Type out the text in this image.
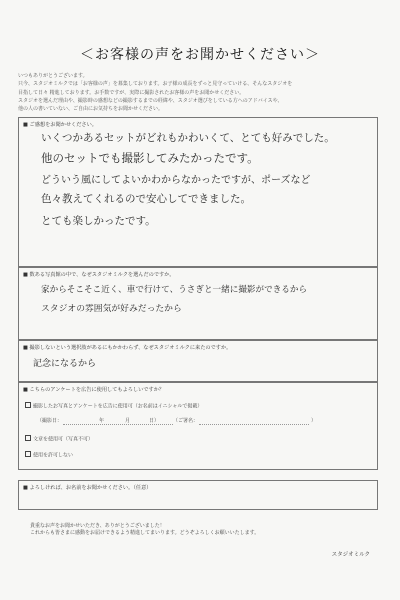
＜お客様の声をお聞かせください＞
いつもありがとうございます。
只今、スタジオミルクでは「お客様の声」を募集しております。お子様の成長をずっと見守っていける、そんなスタジオを
目指して日々 精進しております。お手数ですが、実際に撮影されたお客様の声をお聞かせください。
スタジオを選んだ理由や、撮影時の感想などの撮影するまでの経緯や、スタジオ選びをしている方へのアドバイスや、
他の人の書いていない、ご自由にお気持ちをお聞かせください。
■ ご感想をお聞かせください。
いくつかあるセットがどれもかわいくて、とても好みでした。
他のセットでも撮影してみたかったです。
どういう風にしてよいかわからなかったですが、ポーズなど
色々教えてくれるので安心してできました。
とても楽しかったです。
■ 数ある写真館の中で、なぜスタジオミルクを選んだのですか。
家からそこそこ近く、車で行けて、うさぎと一緒に撮影ができるから
スタジオの雰囲気が好みだったから
■ 撮影しないという選択肢があるにもかかわらず、なぜスタジオミルクに来たのですか。
記念になるから
■ こちらのアンケートを広告に使用してもよろしいですか？
撮影したお写真とアンケートを広告に使用可（お名前はイニシャルで掲載）
（撮影日：	年	月	日）	（ご署名：	）
文章を使用可（写真不可）
使用を許可しない
■ よろしければ、お名前をお聞かせください。（任意）
貴重なお声をお聞かせいただき、ありがとうございました！
これからも皆さまに感動をお届けできるよう精進してまいります。どうぞよろしくお願いいたします。
スタジオミルク
